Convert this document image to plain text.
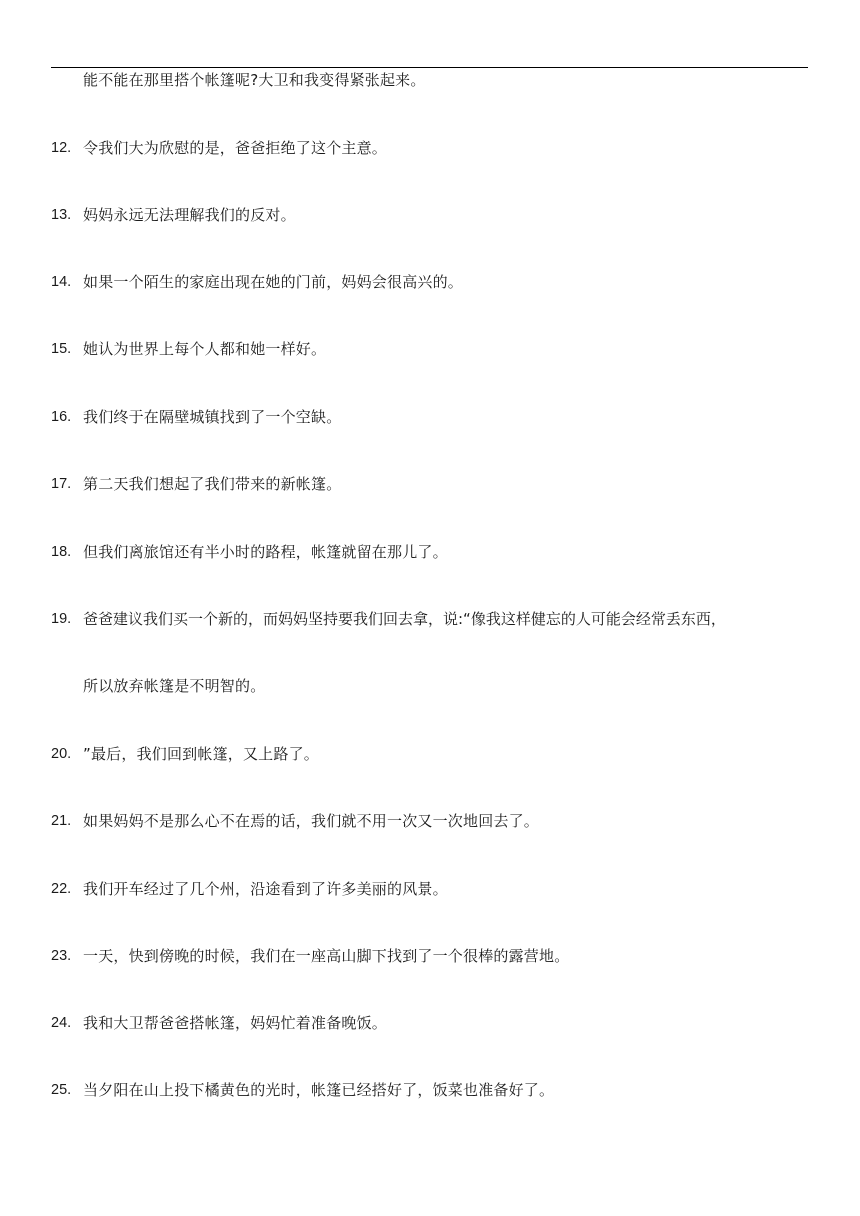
能不能在那里搭个帐篷呢?大卫和我变得紧张起来。
12. 令我们大为欣慰的是，爸爸拒绝了这个主意。
13. 妈妈永远无法理解我们的反对。
14. 如果一个陌生的家庭出现在她的门前，妈妈会很高兴的。
15. 她认为世界上每个人都和她一样好。
16. 我们终于在隔壁城镇找到了一个空缺。
17. 第二天我们想起了我们带来的新帐篷。
18. 但我们离旅馆还有半小时的路程，帐篷就留在那儿了。
19. 爸爸建议我们买一个新的，而妈妈坚持要我们回去拿，说:“像我这样健忘的人可能会经常丢东西，
所以放弃帐篷是不明智的。
20. ”最后，我们回到帐篷，又上路了。
21. 如果妈妈不是那么心不在焉的话，我们就不用一次又一次地回去了。
22. 我们开车经过了几个州，沿途看到了许多美丽的风景。
23. 一天，快到傍晚的时候，我们在一座高山脚下找到了一个很棒的露营地。
24. 我和大卫帮爸爸搭帐篷，妈妈忙着准备晚饭。
25. 当夕阳在山上投下橘黄色的光时，帐篷已经搭好了，饭菜也准备好了。
